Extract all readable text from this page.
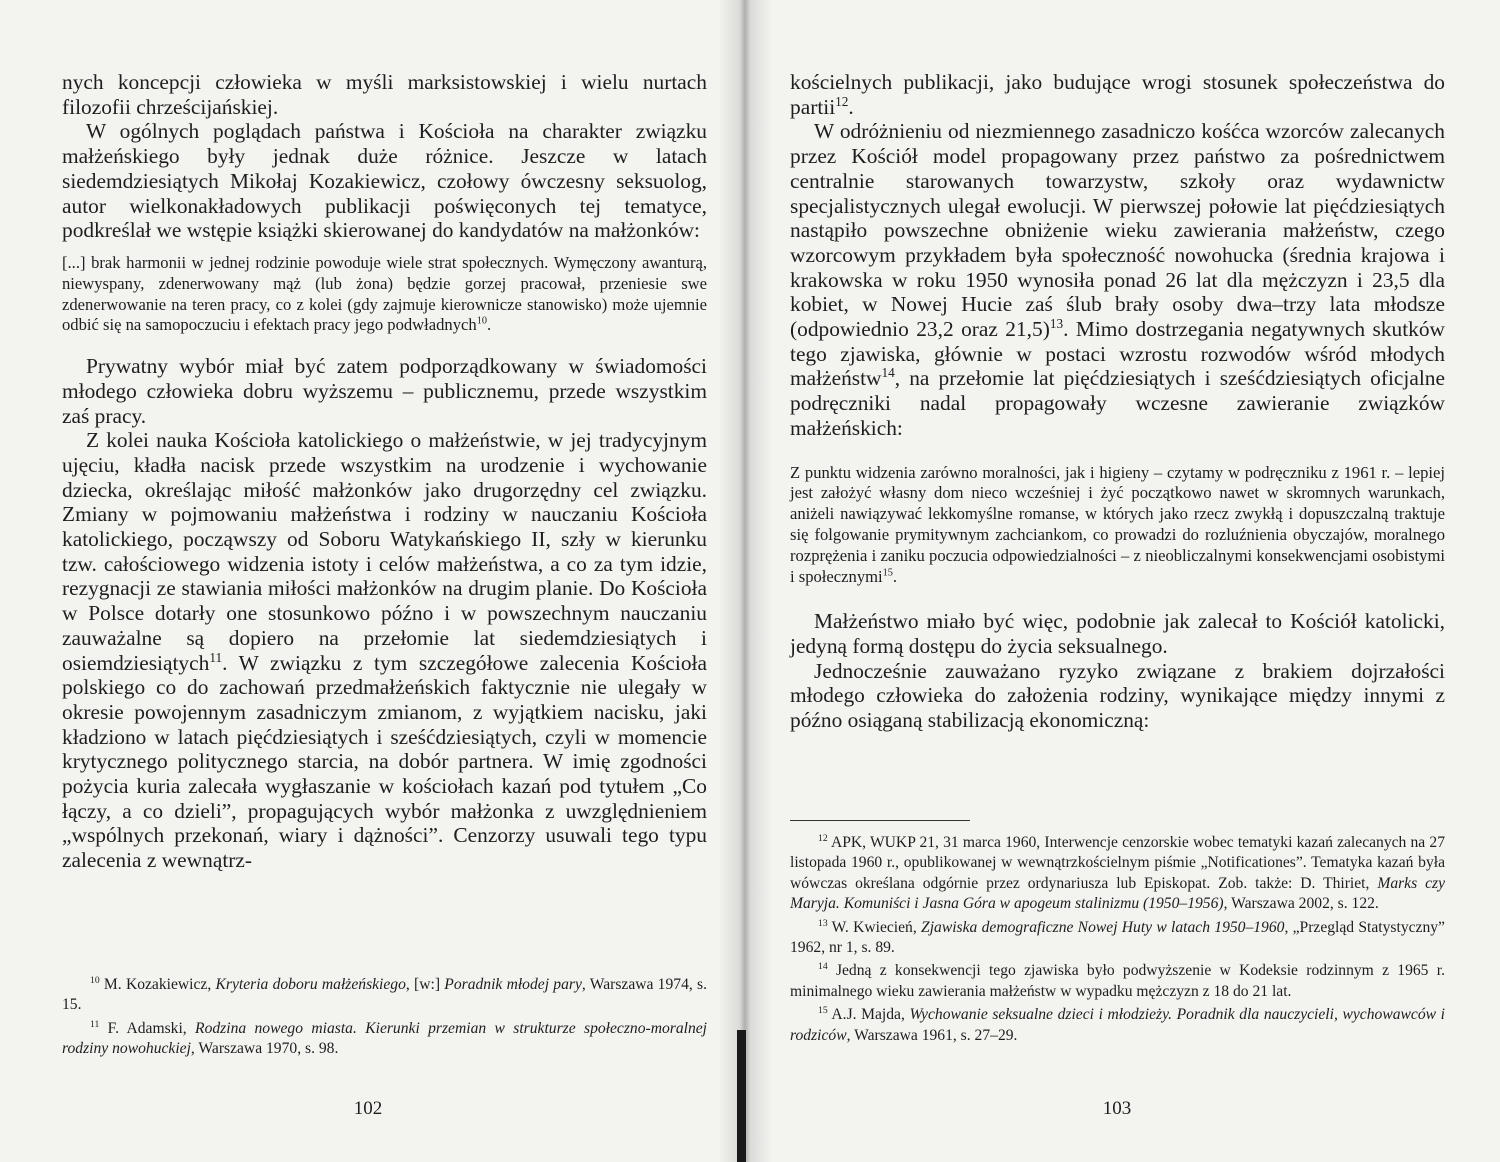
nych koncepcji człowieka w myśli marksistowskiej i wielu nurtach filozofii chrześcijańskiej.

W ogólnych poglądach państwa i Kościoła na charakter związku małżeńskiego były jednak duże różnice. Jeszcze w latach siedemdziesiątych Mikołaj Kozakiewicz, czołowy ówczesny seksuolog, autor wielkonakładowych publikacji poświęconych tej tematyce, podkreślał we wstępie książki skierowanej do kandydatów na małżonków:

[...] brak harmonii w jednej rodzinie powoduje wiele strat społecznych. Wymęczony awanturą, niewyspany, zdenerwowany mąż (lub żona) będzie gorzej pracował, przeniesie swe zdenerwowanie na teren pracy, co z kolei (gdy zajmuje kierownicze stanowisko) może ujemnie odbić się na samopoczuciu i efektach pracy jego podwładnych$^{10}$.

Prywatny wybór miał być zatem podporządkowany w świadomości młodego człowieka dobru wyższemu – publicznemu, przede wszystkim zaś pracy.

Z kolei nauka Kościoła katolickiego o małżeństwie, w jej tradycyjnym ujęciu, kładła nacisk przede wszystkim na urodzenie i wychowanie dziecka, określając miłość małżonków jako drugorzędny cel związku. Zmiany w pojmowaniu małżeństwa i rodziny w nauczaniu Kościoła katolickiego, począwszy od Soboru Watykańskiego II, szły w kierunku tzw. całościowego widzenia istoty i celów małżeństwa, a co za tym idzie, rezygnacji ze stawiania miłości małżonków na drugim planie. Do Kościoła w Polsce dotarły one stosunkowo późno i w powszechnym nauczaniu zauważalne są dopiero na przełomie lat siedemdziesiątych i osiemdziesiątych$^{11}$. W związku z tym szczegółowe zalecenia Kościoła polskiego co do zachowań przedmałżeńskich faktycznie nie ulegały w okresie powojennym zasadniczym zmianom, z wyjątkiem nacisku, jaki kładziono w latach pięćdziesiątych i sześćdziesiątych, czyli w momencie krytycznego politycznego starcia, na dobór partnera. W imię zgodności pożycia kuria zalecała wygłaszanie w kościołach kazań pod tytułem „Co łączy, a co dzieli”, propagujących wybór małżonka z uwzględnieniem „wspólnych przekonań, wiary i dążności”. Cenzorzy usuwali tego typu zalecenia z wewnątrz-

$^{10}$ M. Kozakiewicz, Kryteria doboru małżeńskiego, [w:] Poradnik młodej pary, Warszawa 1974, s. 15.

$^{11}$ F. Adamski, Rodzina nowego miasta. Kierunki przemian w strukturze społeczno-moralnej rodziny nowohuckiej, Warszawa 1970, s. 98.

102

kościelnych publikacji, jako budujące wrogi stosunek społeczeństwa do partii$^{12}$.

W odróżnieniu od niezmiennego zasadniczo kośćca wzorców zalecanych przez Kościół model propagowany przez państwo za pośrednictwem centralnie starowanych towarzystw, szkoły oraz wydawnictw specjalistycznych ulegał ewolucji. W pierwszej połowie lat pięćdziesiątych nastąpiło powszechne obniżenie wieku zawierania małżeństw, czego wzorcowym przykładem była społeczność nowohucka (średnia krajowa i krakowska w roku 1950 wynosiła ponad 26 lat dla mężczyzn i 23,5 dla kobiet, w Nowej Hucie zaś ślub brały osoby dwa–trzy lata młodsze (odpowiednio 23,2 oraz 21,5)$^{13}$. Mimo dostrzegania negatywnych skutków tego zjawiska, głównie w postaci wzrostu rozwodów wśród młodych małżeństw$^{14}$, na przełomie lat pięćdziesiątych i sześćdziesiątych oficjalne podręczniki nadal propagowały wczesne zawieranie związków małżeńskich:

Z punktu widzenia zarówno moralności, jak i higieny – czytamy w podręczniku z 1961 r. – lepiej jest założyć własny dom nieco wcześniej i żyć początkowo nawet w skromnych warunkach, aniżeli nawiązywać lekkomyślne romanse, w których jako rzecz zwykłą i dopuszczalną traktuje się folgowanie prymitywnym zachciankom, co prowadzi do rozluźnienia obyczajów, moralnego rozprężenia i zaniku poczucia odpowiedzialności – z nieobliczalnymi konsekwencjami osobistymi i społecznymi$^{15}$.

Małżeństwo miało być więc, podobnie jak zalecał to Kościół katolicki, jedyną formą dostępu do życia seksualnego.

Jednocześnie zauważano ryzyko związane z brakiem dojrzałości młodego człowieka do założenia rodziny, wynikające między innymi z późno osiąganą stabilizacją ekonomiczną:

$^{12}$ APK, WUKP 21, 31 marca 1960, Interwencje cenzorskie wobec tematyki kazań zalecanych na 27 listopada 1960 r., opublikowanej w wewnątrzkościelnym piśmie „Notificationes”. Tematyka kazań była wówczas określana odgórnie przez ordynariusza lub Episkopat. Zob. także: D. Thiriet, Marks czy Maryja. Komuniści i Jasna Góra w apogeum stalinizmu (1950–1956), Warszawa 2002, s. 122.

$^{13}$ W. Kwiecień, Zjawiska demograficzne Nowej Huty w latach 1950–1960, „Przegląd Statystyczny” 1962, nr 1, s. 89.

$^{14}$ Jedną z konsekwencji tego zjawiska było podwyższenie w Kodeksie rodzinnym z 1965 r. minimalnego wieku zawierania małżeństw w wypadku mężczyzn z 18 do 21 lat.

$^{15}$ A.J. Majda, Wychowanie seksualne dzieci i młodzieży. Poradnik dla nauczycieli, wychowawców i rodziców, Warszawa 1961, s. 27–29.

103
